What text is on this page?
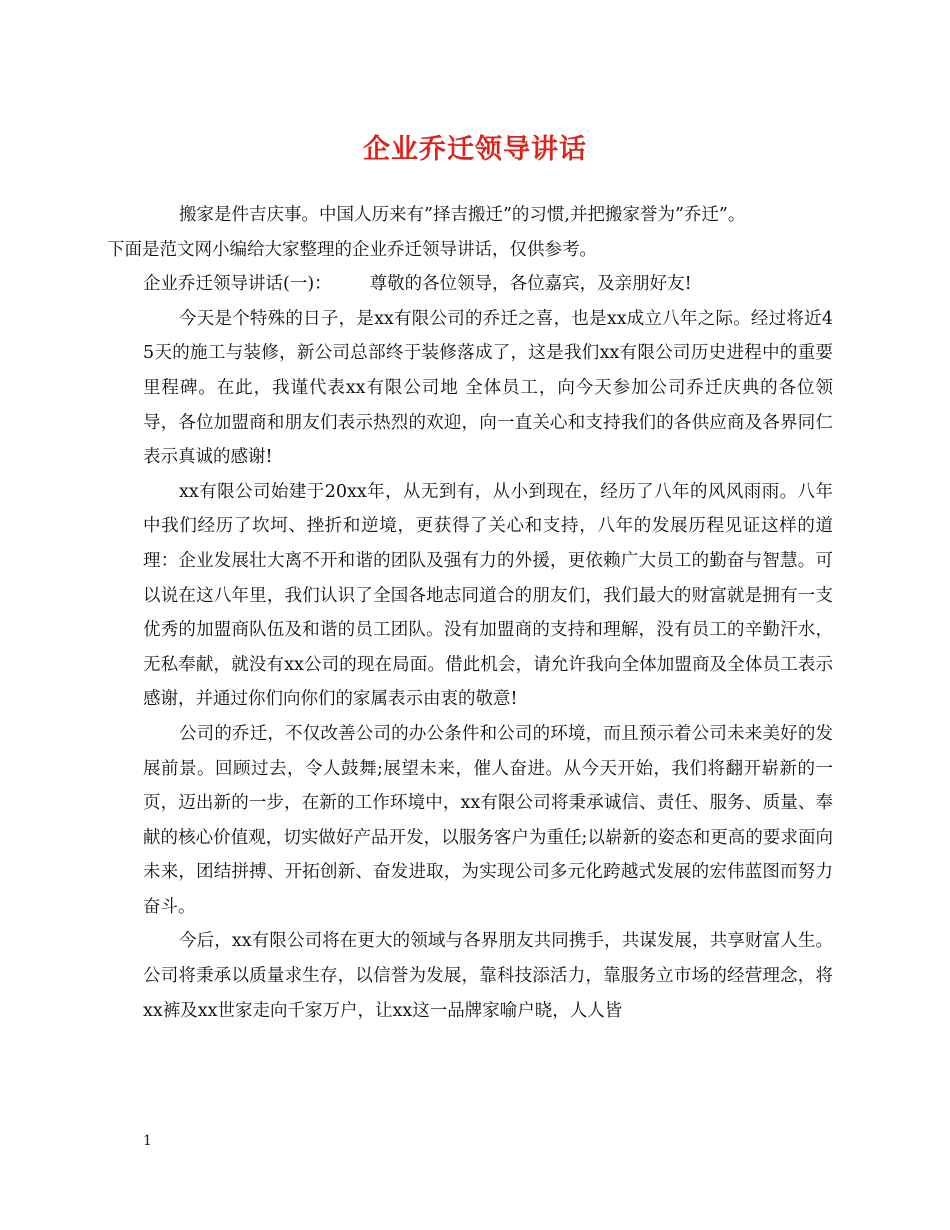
企业乔迁领导讲话

搬家是件吉庆事。中国人历来有”择吉搬迁”的习惯,并把搬家誉为”乔迁”。
下面是范文网小编给大家整理的企业乔迁领导讲话，仅供参考。

企业乔迁领导讲话(一)： 尊敬的各位领导，各位嘉宾，及亲朋好友!

今天是个特殊的日子，是xx有限公司的乔迁之喜，也是xx成立八年之际。经过将近45天的施工与装修，新公司总部终于装修落成了，这是我们xx有限公司历史进程中的重要里程碑。在此，我谨代表xx有限公司地 全体员工，向今天参加公司乔迁庆典的各位领导，各位加盟商和朋友们表示热烈的欢迎，向一直关心和支持我们的各供应商及各界同仁表示真诚的感谢!

xx有限公司始建于20xx年，从无到有，从小到现在，经历了八年的风风雨雨。八年中我们经历了坎坷、挫折和逆境，更获得了关心和支持，八年的发展历程见证这样的道理：企业发展壮大离不开和谐的团队及强有力的外援，更依赖广大员工的勤奋与智慧。可以说在这八年里，我们认识了全国各地志同道合的朋友们，我们最大的财富就是拥有一支优秀的加盟商队伍及和谐的员工团队。没有加盟商的支持和理解，没有员工的辛勤汗水，无私奉献，就没有xx公司的现在局面。借此机会，请允许我向全体加盟商及全体员工表示感谢，并通过你们向你们的家属表示由衷的敬意!

公司的乔迁，不仅改善公司的办公条件和公司的环境，而且预示着公司未来美好的发展前景。回顾过去，令人鼓舞;展望未来，催人奋进。从今天开始，我们将翻开崭新的一页，迈出新的一步，在新的工作环境中，xx有限公司将秉承诚信、责任、服务、质量、奉献的核心价值观，切实做好产品开发，以服务客户为重任;以崭新的姿态和更高的要求面向未来，团结拼搏、开拓创新、奋发进取，为实现公司多元化跨越式发展的宏伟蓝图而努力奋斗。

今后，xx有限公司将在更大的领域与各界朋友共同携手，共谋发展，共享财富人生。公司将秉承以质量求生存，以信誉为发展，靠科技添活力，靠服务立市场的经营理念，将xx裤及xx世家走向千家万户，让xx这一品牌家喻户晓，人人皆

1
